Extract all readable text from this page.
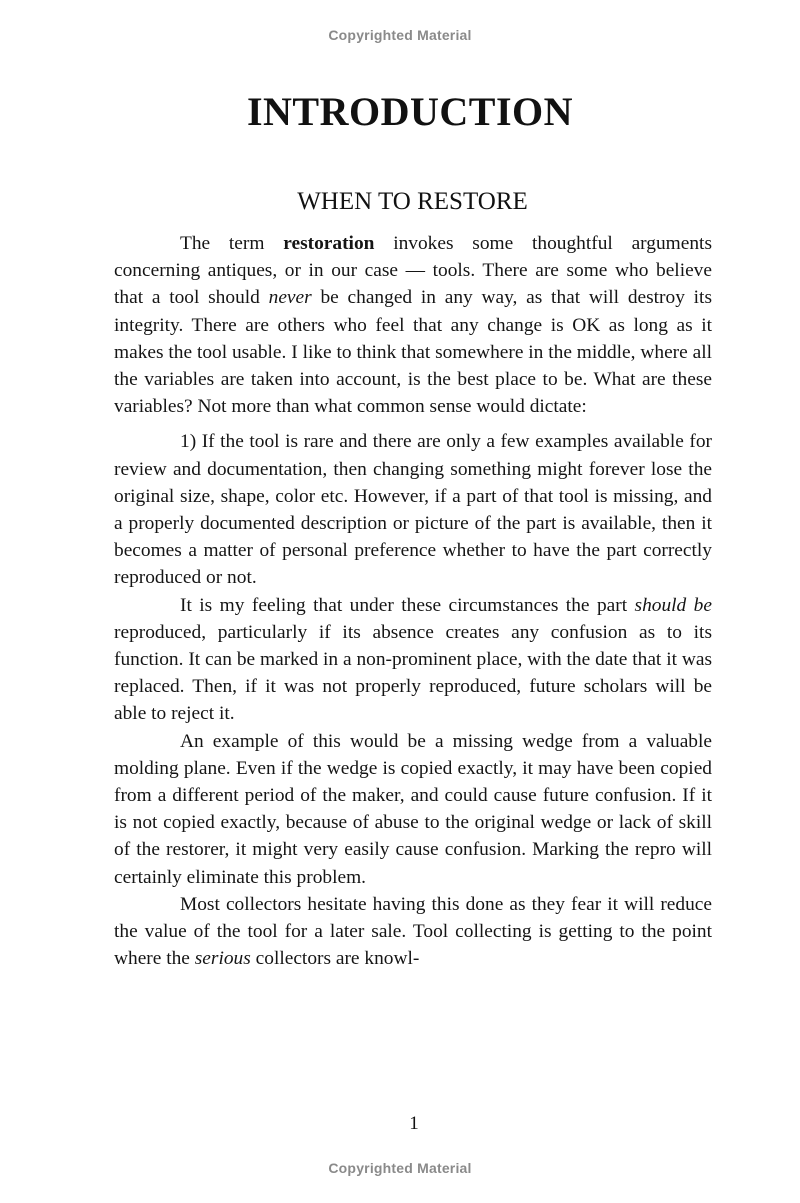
Copyrighted Material
INTRODUCTION
WHEN TO RESTORE

The term restoration invokes some thoughtful arguments concerning antiques, or in our case — tools. There are some who believe that a tool should never be changed in any way, as that will destroy its integrity. There are others who feel that any change is OK as long as it makes the tool usable. I like to think that somewhere in the middle, where all the variables are taken into account, is the best place to be. What are these variables? Not more than what common sense would dictate:

1) If the tool is rare and there are only a few examples available for review and documentation, then changing something might forever lose the original size, shape, color etc. However, if a part of that tool is missing, and a properly documented description or picture of the part is available, then it becomes a matter of personal preference whether to have the part correctly reproduced or not.

It is my feeling that under these circumstances the part should be reproduced, particularly if its absence creates any confusion as to its function. It can be marked in a non-prominent place, with the date that it was replaced. Then, if it was not properly reproduced, future scholars will be able to reject it.

An example of this would be a missing wedge from a valuable molding plane. Even if the wedge is copied exactly, it may have been copied from a different period of the maker, and could cause future confusion. If it is not copied exactly, because of abuse to the original wedge or lack of skill of the restorer, it might very easily cause confusion. Marking the repro will certainly eliminate this problem.

Most collectors hesitate having this done as they fear it will reduce the value of the tool for a later sale. Tool collecting is getting to the point where the serious collectors are knowl-

1
Copyrighted Material
